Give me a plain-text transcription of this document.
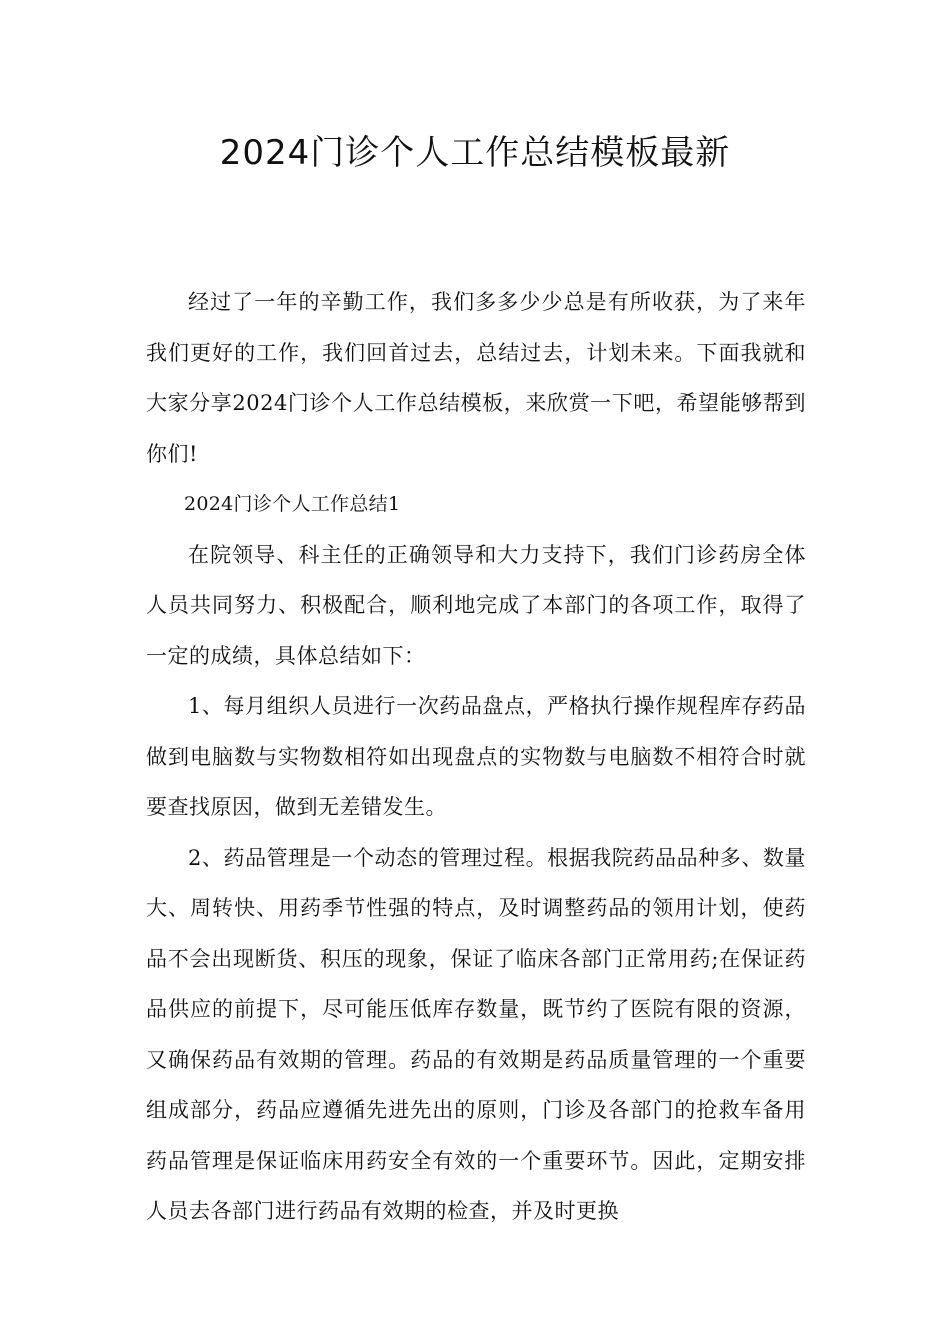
2024门诊个人工作总结模板最新

经过了一年的辛勤工作，我们多多少少总是有所收获，为了来年我们更好的工作，我们回首过去，总结过去，计划未来。下面我就和大家分享2024门诊个人工作总结模板，来欣赏一下吧，希望能够帮到你们!

2024门诊个人工作总结1

在院领导、科主任的正确领导和大力支持下，我们门诊药房全体人员共同努力、积极配合，顺利地完成了本部门的各项工作，取得了一定的成绩，具体总结如下：

1、每月组织人员进行一次药品盘点，严格执行操作规程库存药品做到电脑数与实物数相符如出现盘点的实物数与电脑数不相符合时就要查找原因，做到无差错发生。

2、药品管理是一个动态的管理过程。根据我院药品品种多、数量大、周转快、用药季节性强的特点，及时调整药品的领用计划，使药品不会出现断货、积压的现象，保证了临床各部门正常用药;在保证药品供应的前提下，尽可能压低库存数量，既节约了医院有限的资源，又确保药品有效期的管理。药品的有效期是药品质量管理的一个重要组成部分，药品应遵循先进先出的原则，门诊及各部门的抢救车备用药品管理是保证临床用药安全有效的一个重要环节。因此，定期安排人员去各部门进行药品有效期的检查，并及时更换
